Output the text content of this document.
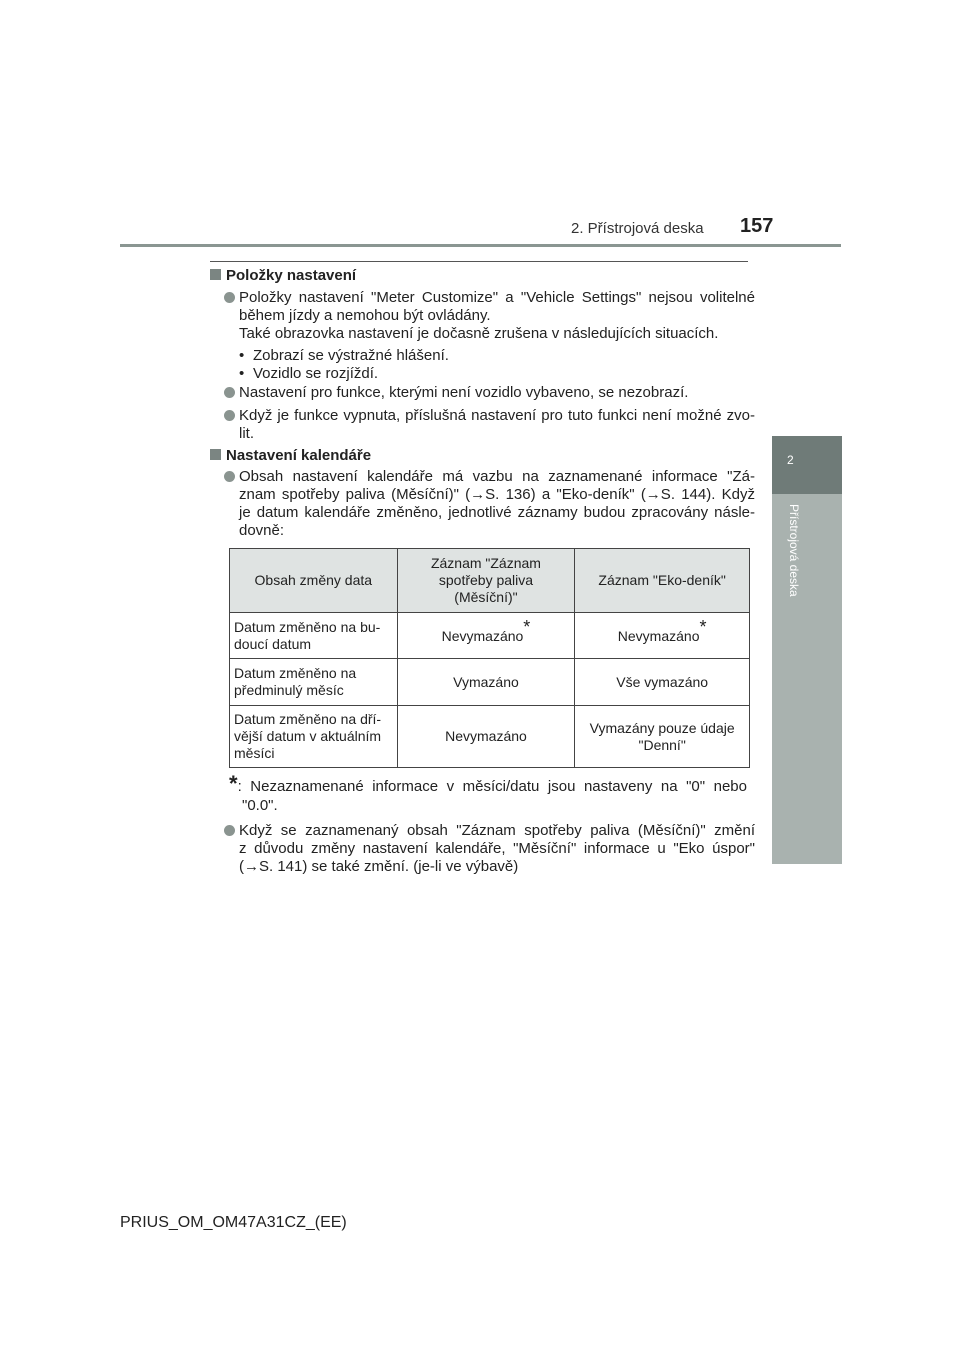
2. Přístrojová deska 157
2
Přístrojová deska
Položky nastavení
Položky nastavení "Meter Customize" a "Vehicle Settings" nejsou volitelné
během jízdy a nemohou být ovládány.
Také obrazovka nastavení je dočasně zrušena v následujících situacích.
• Zobrazí se výstražné hlášení.
• Vozidlo se rozjíždí.
Nastavení pro funkce, kterými není vozidlo vybaveno, se nezobrazí.
Když je funkce vypnuta, příslušná nastavení pro tuto funkci není možné zvo-
lit.
Nastavení kalendáře
Obsah nastavení kalendáře má vazbu na zaznamenané informace "Zá-
znam spotřeby paliva (Měsíční)" (→S. 136) a "Eko-deník" (→S. 144). Když
je datum kalendáře změněno, jednotlivé záznamy budou zpracovány násle-
dovně:
Obsah změny data	Záznam "Záznam spotřeby paliva (Měsíční)"	Záznam "Eko-deník"
Datum změněno na bu-doucí datum	Nevymazáno*	Nevymazáno*
Datum změněno na předminulý měsíc	Vymazáno	Vše vymazáno
Datum změněno na dří-vější datum v aktuálním měsíci	Nevymazáno	Vymazány pouze údaje "Denní"
*: Nezaznamenané informace v měsíci/datu jsou nastaveny na "0" nebo
"0.0".
Když se zaznamenaný obsah "Záznam spotřeby paliva (Měsíční)" změní
z důvodu změny nastavení kalendáře, "Měsíční" informace u "Eko úspor"
(→S. 141) se také změní. (je-li ve výbavě)
PRIUS_OM_OM47A31CZ_(EE)
